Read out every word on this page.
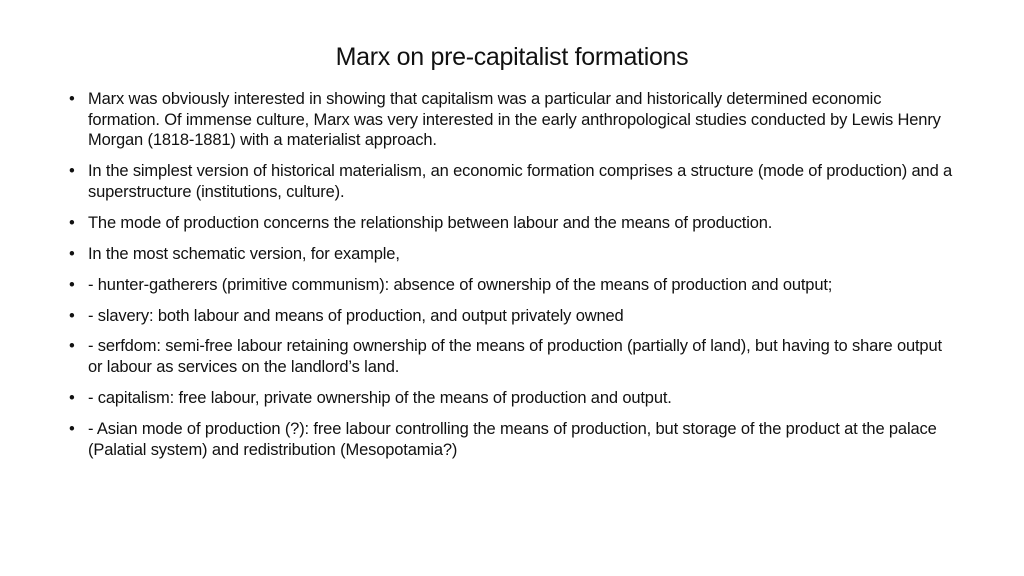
Marx on pre-capitalist formations
• Marx was obviously interested in showing that capitalism was a particular and historically determined economic formation. Of immense culture, Marx was very interested in the early anthropological studies conducted by Lewis Henry Morgan (1818-1881) with a materialist approach.
• In the simplest version of historical materialism, an economic formation comprises a structure (mode of production) and a superstructure (institutions, culture).
• The mode of production concerns the relationship between labour and the means of production.
• In the most schematic version, for example,
• - hunter-gatherers (primitive communism): absence of ownership of the means of production and output;
• - slavery: both labour and means of production, and output privately owned
• - serfdom: semi-free labour retaining ownership of the means of production (partially of land), but having to share output or labour as services on the landlord’s land.
• - capitalism: free labour, private ownership of the means of production and output.
• - Asian mode of production (?): free labour controlling the means of production, but storage of the product at the palace (Palatial system) and redistribution (Mesopotamia?)
